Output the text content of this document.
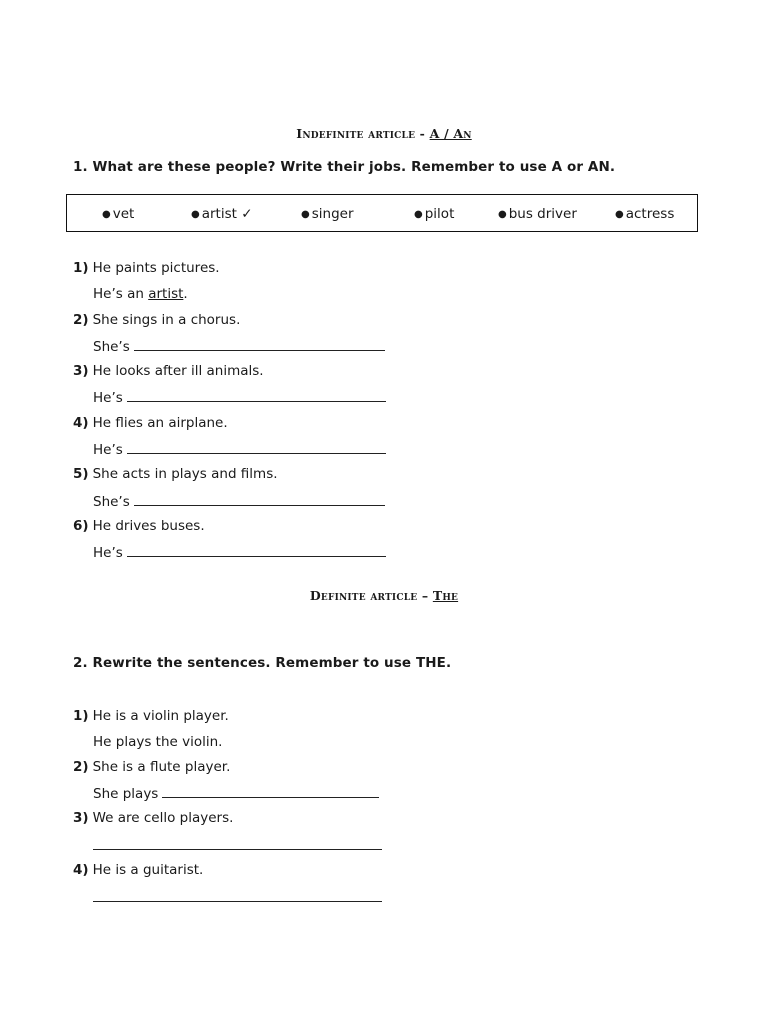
Indefinite article - A / An
1. What are these people? Write their jobs. Remember to use A or AN.
● vet	● artist ✓	● singer	● pilot	● bus driver	● actress
1) He paints pictures.
He’s an artist.
2) She sings in a chorus.
She’s
3) He looks after ill animals.
He’s
4) He flies an airplane.
He’s
5) She acts in plays and films.
She’s
6) He drives buses.
He’s
Definite article – The
2. Rewrite the sentences. Remember to use THE.
1) He is a violin player.
He plays the violin.
2) She is a flute player.
She plays
3) We are cello players.
4) He is a guitarist.
